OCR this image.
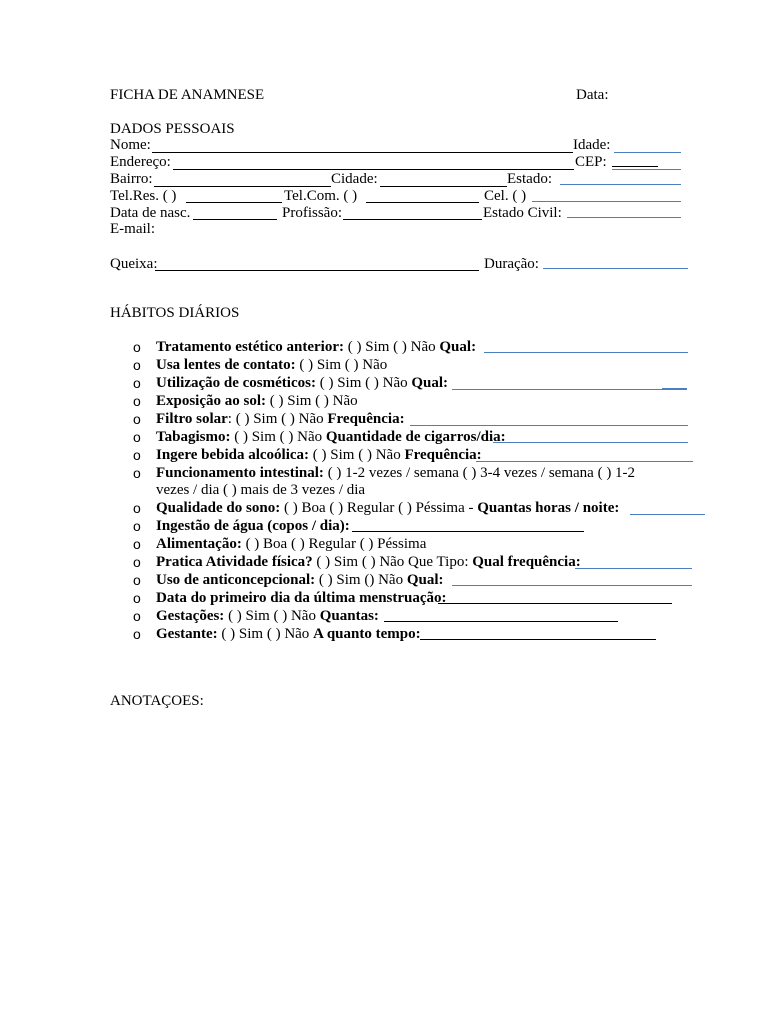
FICHA DE ANAMNESE	Data:
DADOS PESSOAIS
Nome:	Idade:
Endereço:	CEP:
Bairro:	Cidade:	Estado:
Tel.Res. ( )	Tel.Com. ( )	Cel. ( )
Data de nasc.	Profissão:	Estado Civil:
E-mail:
Queixa:	Duração:
HÁBITOS DIÁRIOS
o Tratamento estético anterior: ( ) Sim ( ) Não Qual:
o Usa lentes de contato: ( ) Sim ( ) Não
o Utilização de cosméticos: ( ) Sim ( ) Não Qual:
o Exposição ao sol: ( ) Sim ( ) Não
o Filtro solar: ( ) Sim ( ) Não Frequência:
o Tabagismo: ( ) Sim ( ) Não Quantidade de cigarros/dia:
o Ingere bebida alcoólica: ( ) Sim ( ) Não Frequência:
o Funcionamento intestinal: ( ) 1-2 vezes / semana ( ) 3-4 vezes / semana ( ) 1-2
vezes / dia ( ) mais de 3 vezes / dia
o Qualidade do sono: ( ) Boa ( ) Regular ( ) Péssima - Quantas horas / noite:
o Ingestão de água (copos / dia):
o Alimentação: ( ) Boa ( ) Regular ( ) Péssima
o Pratica Atividade física? ( ) Sim ( ) Não Que Tipo: Qual frequência:
o Uso de anticoncepcional: ( ) Sim () Não Qual:
o Data do primeiro dia da última menstruação:
o Gestações: ( ) Sim ( ) Não Quantas:
o Gestante: ( ) Sim ( ) Não A quanto tempo:
ANOTAÇOES:
